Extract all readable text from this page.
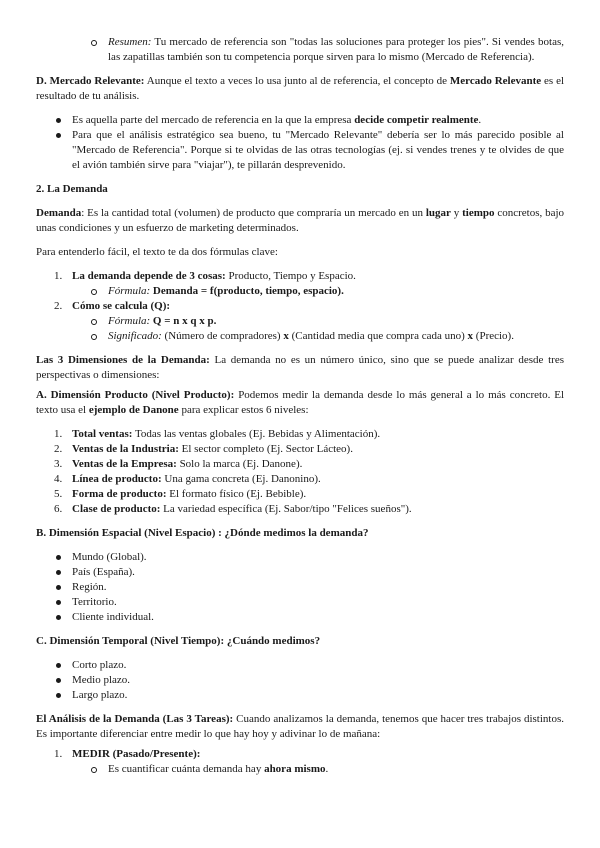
Resumen: Tu mercado de referencia son "todas las soluciones para proteger los pies". Si vendes botas, las zapatillas también son tu competencia porque sirven para lo mismo (Mercado de Referencia).

D. Mercado Relevante: Aunque el texto a veces lo usa junto al de referencia, el concepto de Mercado Relevante es el resultado de tu análisis.

Es aquella parte del mercado de referencia en la que la empresa decide competir realmente.
Para que el análisis estratégico sea bueno, tu "Mercado Relevante" debería ser lo más parecido posible al "Mercado de Referencia". Porque si te olvidas de las otras tecnologías (ej. si vendes trenes y te olvides de que el avión también sirve para "viajar"), te pillarán desprevenido.

2. La Demanda

Demanda: Es la cantidad total (volumen) de producto que compraría un mercado en un lugar y tiempo concretos, bajo unas condiciones y un esfuerzo de marketing determinados.

Para entenderlo fácil, el texto te da dos fórmulas clave:

1. La demanda depende de 3 cosas: Producto, Tiempo y Espacio.
Fórmula: Demanda = f(producto, tiempo, espacio).
2. Cómo se calcula (Q):
Fórmula: Q = n x q x p.
Significado: (Número de compradores) x (Cantidad media que compra cada uno) x (Precio).

Las 3 Dimensiones de la Demanda: La demanda no es un número único, sino que se puede analizar desde tres perspectivas o dimensiones:

A. Dimensión Producto (Nivel Producto): Podemos medir la demanda desde lo más general a lo más concreto. El texto usa el ejemplo de Danone para explicar estos 6 niveles:

1. Total ventas: Todas las ventas globales (Ej. Bebidas y Alimentación).
2. Ventas de la Industria: El sector completo (Ej. Sector Lácteo).
3. Ventas de la Empresa: Solo la marca (Ej. Danone).
4. Línea de producto: Una gama concreta (Ej. Danonino).
5. Forma de producto: El formato físico (Ej. Bebible).
6. Clase de producto: La variedad específica (Ej. Sabor/tipo "Felices sueños").

B. Dimensión Espacial (Nivel Espacio) : ¿Dónde medimos la demanda?

Mundo (Global).
País (España).
Región.
Territorio.
Cliente individual.

C. Dimensión Temporal (Nivel Tiempo): ¿Cuándo medimos?

Corto plazo.
Medio plazo.
Largo plazo.

El Análisis de la Demanda (Las 3 Tareas): Cuando analizamos la demanda, tenemos que hacer tres trabajos distintos. Es importante diferenciar entre medir lo que hay hoy y adivinar lo de mañana:

1. MEDIR (Pasado/Presente):
Es cuantificar cuánta demanda hay ahora mismo.
